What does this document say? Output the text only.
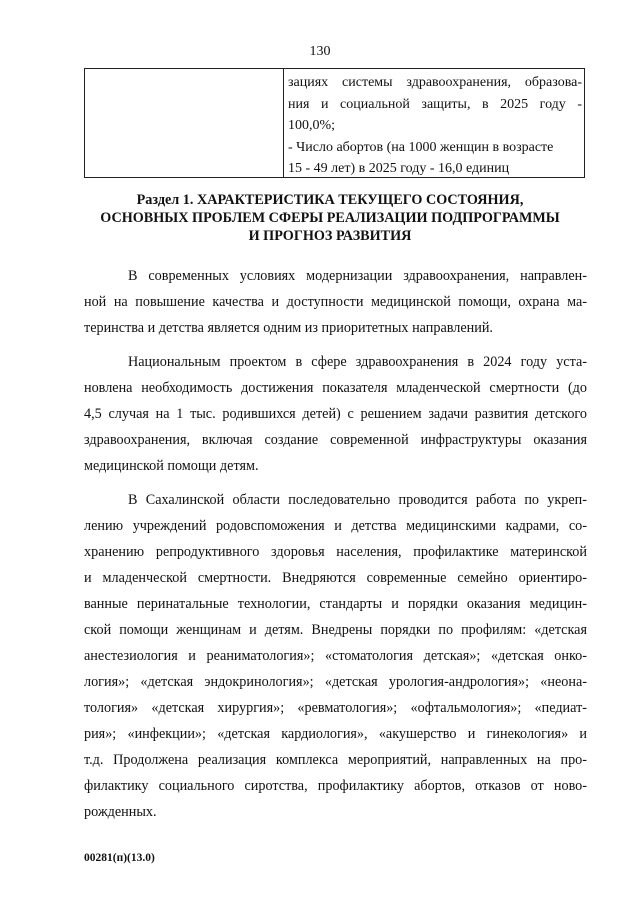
130
зациях системы здравоохранения, образова-
ния и социальной защиты, в 2025 году -
100,0%;
- Число абортов (на 1000 женщин в возрасте
15 - 49 лет) в 2025 году - 16,0 единиц
Раздел 1. ХАРАКТЕРИСТИКА ТЕКУЩЕГО СОСТОЯНИЯ,
ОСНОВНЫХ ПРОБЛЕМ СФЕРЫ РЕАЛИЗАЦИИ ПОДПРОГРАММЫ
И ПРОГНОЗ РАЗВИТИЯ
В современных условиях модернизации здравоохранения, направлен-
ной на повышение качества и доступности медицинской помощи, охрана ма-
теринства и детства является одним из приоритетных направлений.
Национальным проектом в сфере здравоохранения в 2024 году уста-
новлена необходимость достижения показателя младенческой смертности (до
4,5 случая на 1 тыс. родившихся детей) с решением задачи развития детского
здравоохранения, включая создание современной инфраструктуры оказания
медицинской помощи детям.
В Сахалинской области последовательно проводится работа по укреп-
лению учреждений родовспоможения и детства медицинскими кадрами, со-
хранению репродуктивного здоровья населения, профилактике материнской
и младенческой смертности. Внедряются современные семейно ориентиро-
ванные перинатальные технологии, стандарты и порядки оказания медицин-
ской помощи женщинам и детям. Внедрены порядки по профилям: «детская
анестезиология и реаниматология»; «стоматология детская»; «детская онко-
логия»; «детская эндокринология»; «детская урология-андрология»; «неона-
тология» «детская хирургия»; «ревматология»; «офтальмология»; «педиат-
рия»; «инфекции»; «детская кардиология», «акушерство и гинекология» и
т.д. Продолжена реализация комплекса мероприятий, направленных на про-
филактику социального сиротства, профилактику абортов, отказов от ново-
рожденных.
00281(п)(13.0)
